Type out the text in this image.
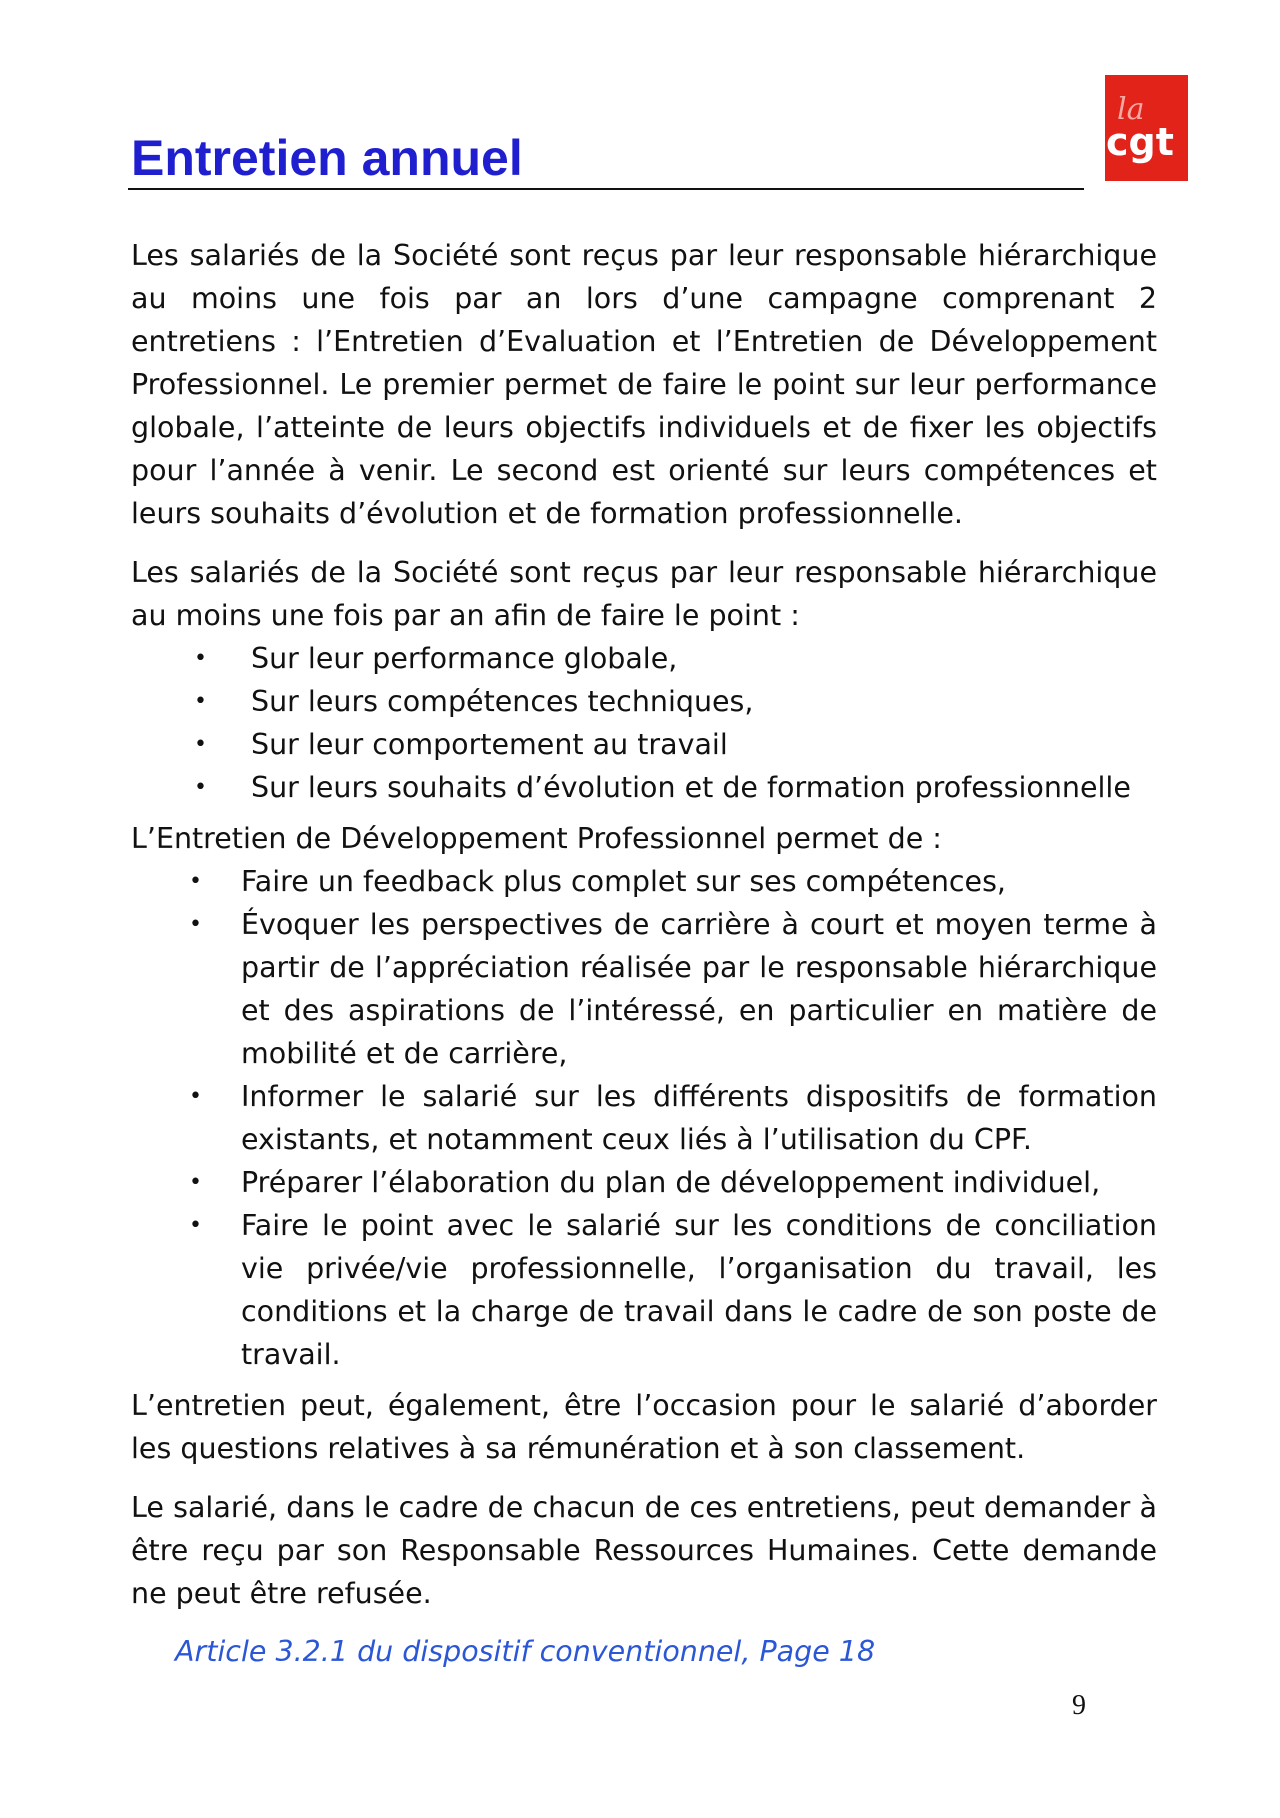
la
cgt
Entretien annuel

Les salariés de la Société sont reçus par leur responsable hiérarchique au moins une fois par an lors d’une campagne comprenant 2 entretiens : l’Entretien d’Evaluation et l’Entretien de Développement Professionnel. Le premier permet de faire le point sur leur performance globale, l’atteinte de leurs objectifs individuels et de fixer les objectifs pour l’année à venir. Le second est orienté sur leurs compétences et leurs souhaits d’évolution et de formation professionnelle.

Les salariés de la Société sont reçus par leur responsable hiérarchique au moins une fois par an afin de faire le point :

• Sur leur performance globale,
• Sur leurs compétences techniques,
• Sur leur comportement au travail
• Sur leurs souhaits d’évolution et de formation professionnelle

L’Entretien de Développement Professionnel permet de :

• Faire un feedback plus complet sur ses compétences,
• Évoquer les perspectives de carrière à court et moyen terme à partir de l’appréciation réalisée par le responsable hiérarchique et des aspirations de l’intéressé, en particulier en matière de mobilité et de carrière,
• Informer le salarié sur les différents dispositifs de formation existants, et notamment ceux liés à l’utilisation du CPF.
• Préparer l’élaboration du plan de développement individuel,
• Faire le point avec le salarié sur les conditions de conciliation vie privée/vie professionnelle, l’organisation du travail, les conditions et la charge de travail dans le cadre de son poste de travail.

L’entretien peut, également, être l’occasion pour le salarié d’aborder les questions relatives à sa rémunération et à son classement.

Le salarié, dans le cadre de chacun de ces entretiens, peut demander à être reçu par son Responsable Ressources Humaines. Cette demande ne peut être refusée.

Article 3.2.1 du dispositif conventionnel, Page 18
9
